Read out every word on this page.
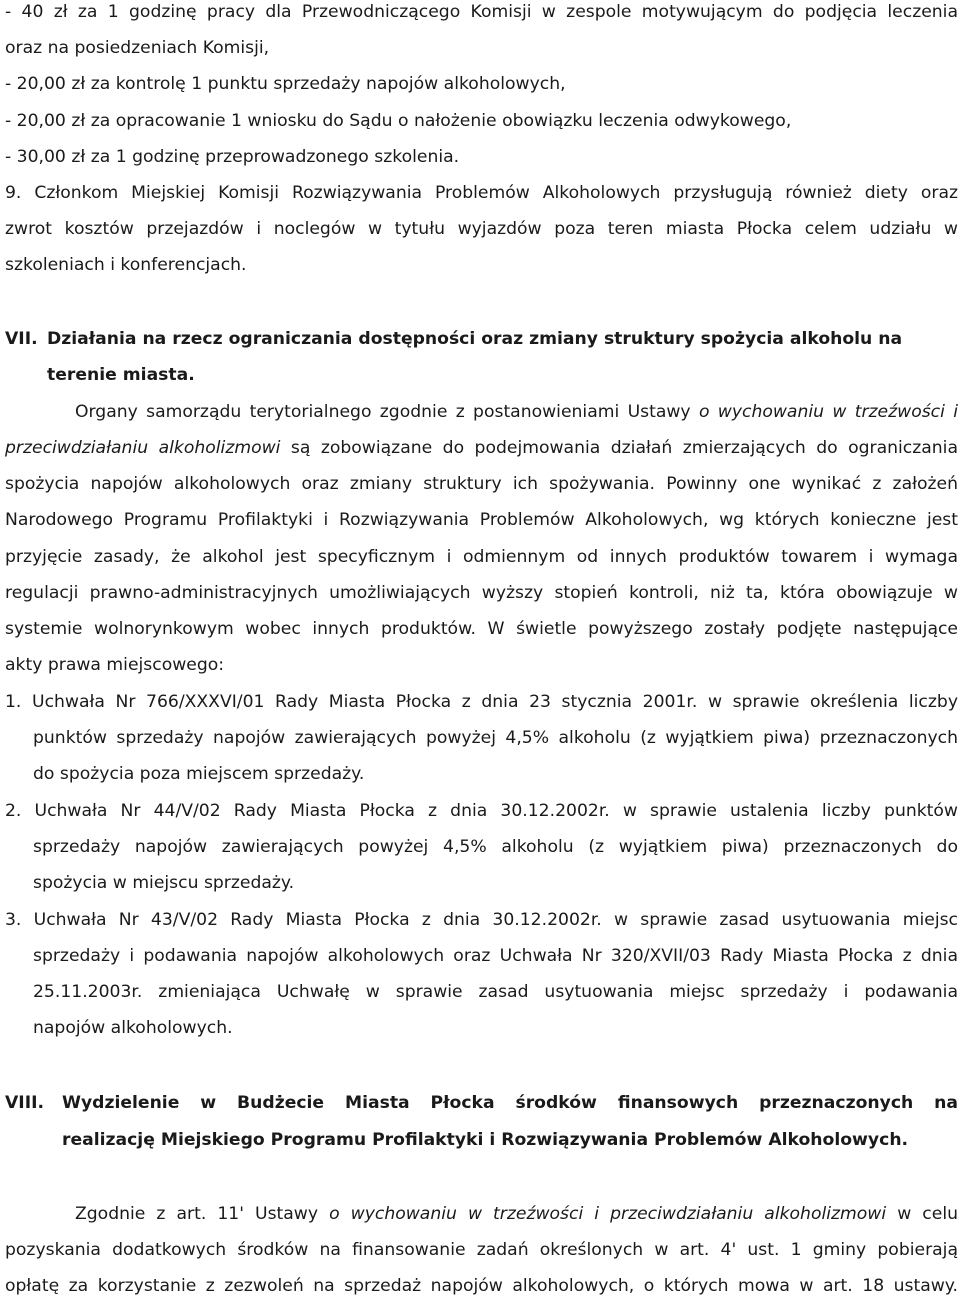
- 40 zł za 1 godzinę pracy dla Przewodniczącego Komisji w zespole motywującym do podjęcia leczenia
oraz na posiedzeniach Komisji,
- 20,00 zł za kontrolę 1 punktu sprzedaży napojów alkoholowych,
- 20,00 zł za opracowanie 1 wniosku do Sądu o nałożenie obowiązku leczenia odwykowego,
- 30,00 zł za 1 godzinę przeprowadzonego szkolenia.
9. Członkom Miejskiej Komisji Rozwiązywania Problemów Alkoholowych przysługują również diety oraz
zwrot kosztów przejazdów i noclegów w tytułu wyjazdów poza teren miasta Płocka celem udziału w
szkoleniach i konferencjach.
VII. Działania na rzecz ograniczania dostępności oraz zmiany struktury spożycia alkoholu na
terenie miasta.
Organy samorządu terytorialnego zgodnie z postanowieniami Ustawy o wychowaniu w trzeźwości i
przeciwdziałaniu alkoholizmowi są zobowiązane do podejmowania działań zmierzających do ograniczania
spożycia napojów alkoholowych oraz zmiany struktury ich spożywania. Powinny one wynikać z założeń
Narodowego Programu Profilaktyki i Rozwiązywania Problemów Alkoholowych, wg których konieczne jest
przyjęcie zasady, że alkohol jest specyficznym i odmiennym od innych produktów towarem i wymaga
regulacji prawno-administracyjnych umożliwiających wyższy stopień kontroli, niż ta, która obowiązuje w
systemie wolnorynkowym wobec innych produktów. W świetle powyższego zostały podjęte następujące
akty prawa miejscowego:
1. Uchwała Nr 766/XXXVI/01 Rady Miasta Płocka z dnia 23 stycznia 2001r. w sprawie określenia liczby
punktów sprzedaży napojów zawierających powyżej 4,5% alkoholu (z wyjątkiem piwa) przeznaczonych
do spożycia poza miejscem sprzedaży.
2. Uchwała Nr 44/V/02 Rady Miasta Płocka z dnia 30.12.2002r. w sprawie ustalenia liczby punktów
sprzedaży napojów zawierających powyżej 4,5% alkoholu (z wyjątkiem piwa) przeznaczonych do
spożycia w miejscu sprzedaży.
3. Uchwała Nr 43/V/02 Rady Miasta Płocka z dnia 30.12.2002r. w sprawie zasad usytuowania miejsc
sprzedaży i podawania napojów alkoholowych oraz Uchwała Nr 320/XVII/03 Rady Miasta Płocka z dnia
25.11.2003r. zmieniająca Uchwałę w sprawie zasad usytuowania miejsc sprzedaży i podawania
napojów alkoholowych.
VIII. Wydzielenie w Budżecie Miasta Płocka środków finansowych przeznaczonych na
realizację Miejskiego Programu Profilaktyki i Rozwiązywania Problemów Alkoholowych.
Zgodnie z art. 11' Ustawy o wychowaniu w trzeźwości i przeciwdziałaniu alkoholizmowi w celu
pozyskania dodatkowych środków na finansowanie zadań określonych w art. 4' ust. 1 gminy pobierają
opłatę za korzystanie z zezwoleń na sprzedaż napojów alkoholowych, o których mowa w art. 18 ustawy.
